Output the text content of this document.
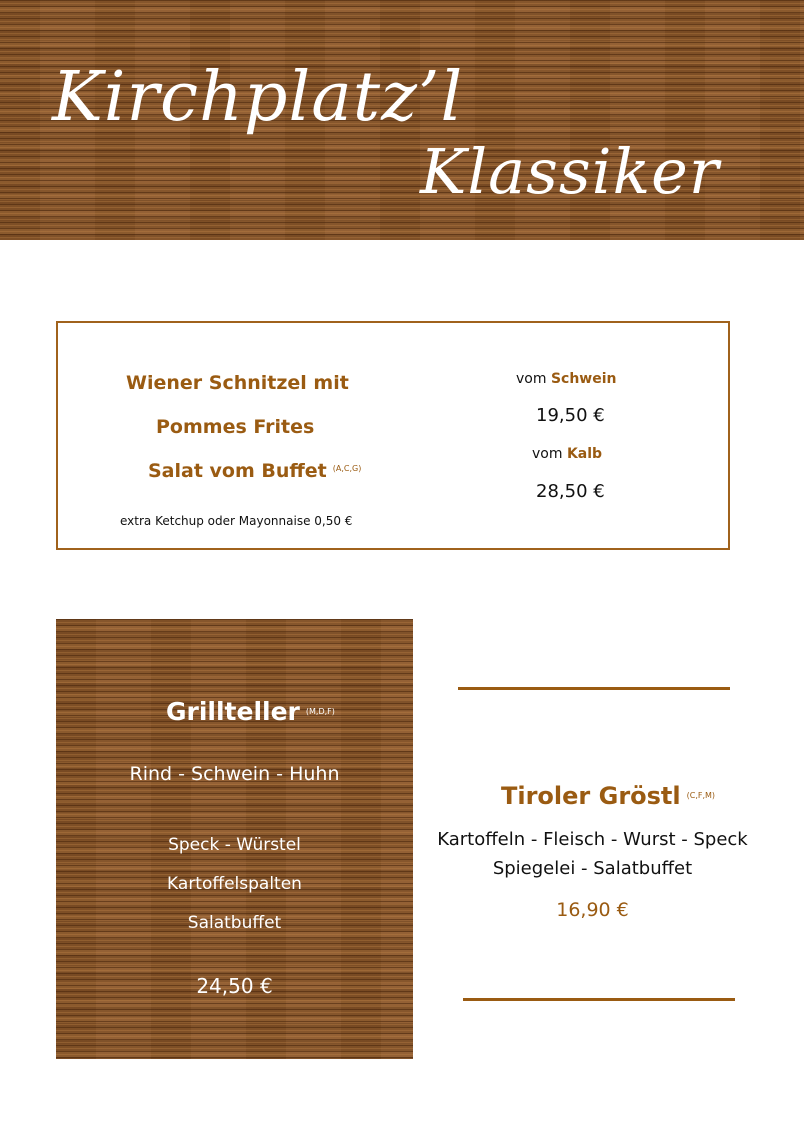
Kirchplatz’l
Klassiker
Wiener Schnitzel mit
Pommes Frites
Salat vom Buffet $^{(A,C,G)}$
extra Ketchup oder Mayonnaise 0,50 €
vom Schwein
19,50 €
vom Kalb
28,50 €
Grillteller $^{(M,D,F)}$
Rind - Schwein - Huhn
Speck - Würstel
Kartoffelspalten
Salatbuffet
24,50 €
Tiroler Gröstl $^{(C,F,M)}$
Kartoffeln - Fleisch - Wurst - Speck
Spiegelei - Salatbuffet
16,90 €
